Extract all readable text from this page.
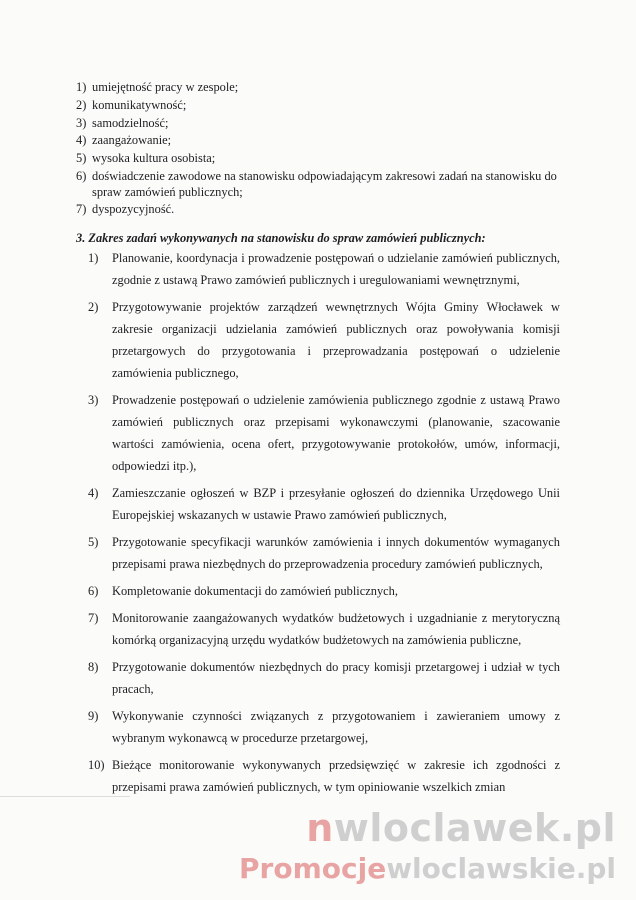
1) umiejętność pracy w zespole;
2) komunikatywność;
3) samodzielność;
4) zaangażowanie;
5) wysoka kultura osobista;
6) doświadczenie zawodowe na stanowisku odpowiadającym zakresowi zadań na stanowisku do spraw zamówień publicznych;
7) dyspozycyjność.
3. Zakres zadań wykonywanych na stanowisku do spraw zamówień publicznych:
1)	Planowanie, koordynacja i prowadzenie postępowań o udzielanie zamówień publicznych, zgodnie z ustawą Prawo zamówień publicznych i uregulowaniami wewnętrznymi,
2)	Przygotowywanie projektów zarządzeń wewnętrznych Wójta Gminy Włocławek w zakresie organizacji udzielania zamówień publicznych oraz powoływania komisji przetargowych do przygotowania i przeprowadzania postępowań o udzielenie zamówienia publicznego,
3)	Prowadzenie postępowań o udzielenie zamówienia publicznego zgodnie z ustawą Prawo zamówień publicznych oraz przepisami wykonawczymi (planowanie, szacowanie wartości zamówienia, ocena ofert, przygotowywanie protokołów, umów, informacji, odpowiedzi itp.),
4)	Zamieszczanie ogłoszeń w BZP i przesyłanie ogłoszeń do dziennika Urzędowego Unii Europejskiej wskazanych w ustawie Prawo zamówień publicznych,
5)	Przygotowanie specyfikacji warunków zamówienia i innych dokumentów wymaganych przepisami prawa niezbędnych do przeprowadzenia procedury zamówień publicznych,
6)	Kompletowanie dokumentacji do zamówień publicznych,
7)	Monitorowanie zaangażowanych wydatków budżetowych i uzgadnianie z merytoryczną komórką organizacyjną urzędu wydatków budżetowych na zamówienia publiczne,
8)	Przygotowanie dokumentów niezbędnych do pracy komisji przetargowej i udział w tych pracach,
9)	Wykonywanie czynności związanych z przygotowaniem i zawieraniem umowy z wybranym wykonawcą w procedurze przetargowej,
10) Bieżące monitorowanie wykonywanych przedsięwzięć w zakresie ich zgodności z przepisami prawa zamówień publicznych, w tym opiniowanie wszelkich zmian
nwloclawek.pl
Promocjewloclawskie.pl
